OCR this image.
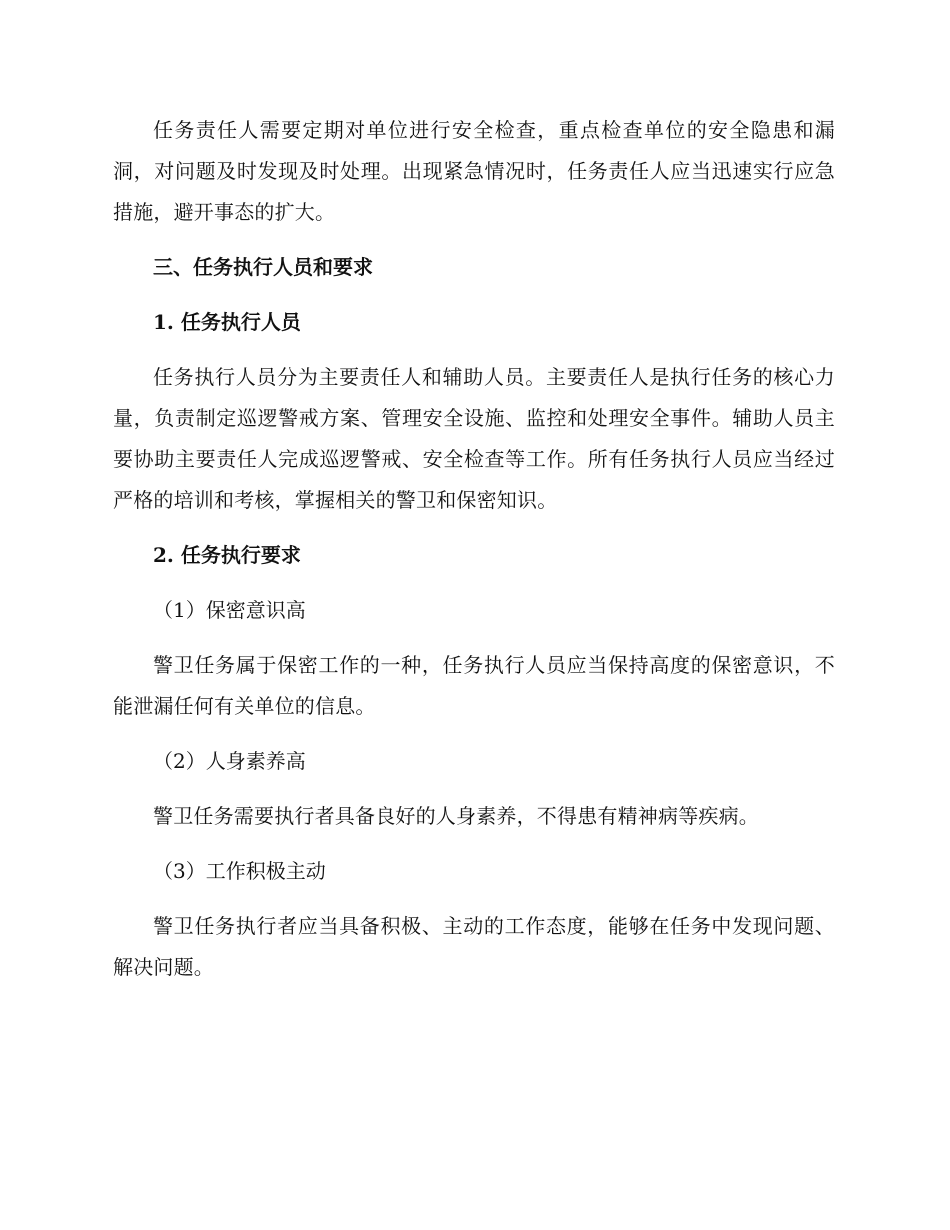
任务责任人需要定期对单位进行安全检查，重点检查单位的安全隐患和漏洞，对问题及时发现及时处理。出现紧急情况时，任务责任人应当迅速实行应急措施，避开事态的扩大。

三、任务执行人员和要求

1. 任务执行人员

任务执行人员分为主要责任人和辅助人员。主要责任人是执行任务的核心力量，负责制定巡逻警戒方案、管理安全设施、监控和处理安全事件。辅助人员主要协助主要责任人完成巡逻警戒、安全检查等工作。所有任务执行人员应当经过严格的培训和考核，掌握相关的警卫和保密知识。

2. 任务执行要求

（1）保密意识高

警卫任务属于保密工作的一种，任务执行人员应当保持高度的保密意识，不能泄漏任何有关单位的信息。

（2）人身素养高

警卫任务需要执行者具备良好的人身素养，不得患有精神病等疾病。

（3）工作积极主动

警卫任务执行者应当具备积极、主动的工作态度，能够在任务中发现问题、解决问题。
